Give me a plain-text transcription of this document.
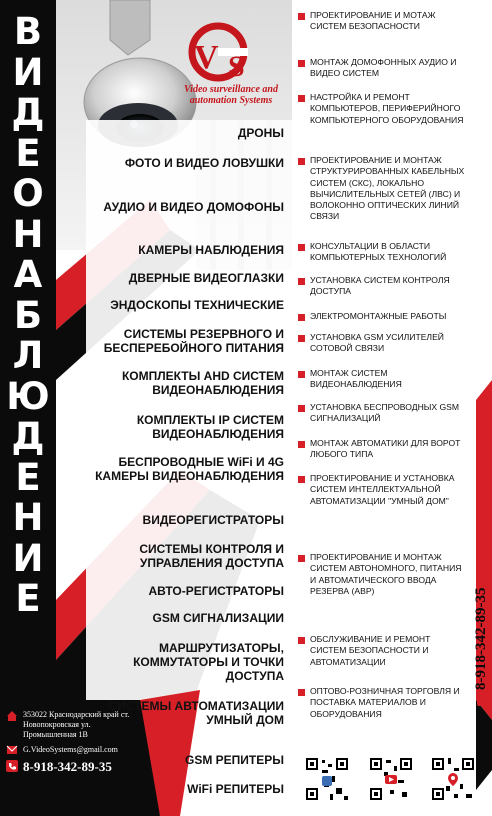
В
И
Д
Е
О
Н
А
Б
Л
Ю
Д
Е
Н
И
Е
V S
Video surveillance and automation Systems
ДРОНЫ
ФОТО И ВИДЕО ЛОВУШКИ
АУДИО И ВИДЕО ДОМОФОНЫ
КАМЕРЫ НАБЛЮДЕНИЯ
ДВЕРНЫЕ ВИДЕОГЛАЗКИ
ЭНДОСКОПЫ ТЕХНИЧЕСКИЕ
СИСТЕМЫ РЕЗЕРВНОГО И БЕСПЕРЕБОЙНОГО ПИТАНИЯ
КОМПЛЕКТЫ AHD СИСТЕМ ВИДЕОНАБЛЮДЕНИЯ
КОМПЛЕКТЫ IP СИСТЕМ ВИДЕОНАБЛЮДЕНИЯ
БЕСПРОВОДНЫЕ WiFi И 4G КАМЕРЫ ВИДЕОНАБЛЮДЕНИЯ
ВИДЕОРЕГИСТРАТОРЫ
СИСТЕМЫ КОНТРОЛЯ И УПРАВЛЕНИЯ ДОСТУПА
АВТО-РЕГИСТРАТОРЫ
GSM СИГНАЛИЗАЦИИ
МАРШРУТИЗАТОРЫ, КОММУТАТОРЫ И ТОЧКИ ДОСТУПА
СИСТЕМЫ АВТОМАТИЗАЦИИ УМНЫЙ ДОМ
GSM РЕПИТЕРЫ
WiFi РЕПИТЕРЫ
353022 Краснодарский край ст. Новопокровская ул. Промышленная 1В
G.VideoSystems@gmail.com
8-918-342-89-35
ПРОЕКТИРОВАНИЕ И МОТАЖ СИСТЕМ БЕЗОПАСНОСТИ
МОНТАЖ ДОМОФОННЫХ АУДИО И ВИДЕО СИСТЕМ
НАСТРОЙКА И РЕМОНТ КОМПЬЮТЕРОВ, ПЕРИФЕРИЙНОГО КОМПЬЮТЕРНОГО ОБОРУДОВАНИЯ
ПРОЕКТИРОВАНИЕ И МОНТАЖ СТРУКТУРИРОВАННЫХ КАБЕЛЬНЫХ СИСТЕМ (СКС), ЛОКАЛЬНО ВЫЧИСЛИТЕЛЬНЫХ СЕТЕЙ (ЛВС) И ВОЛОКОННО ОПТИЧЕСКИХ ЛИНИЙ СВЯЗИ
КОНСУЛЬТАЦИИ В ОБЛАСТИ КОМПЬЮТЕРНЫХ ТЕХНОЛОГИЙ
УСТАНОВКА СИСТЕМ КОНТРОЛЯ ДОСТУПА
ЭЛЕКТРОМОНТАЖНЫЕ РАБОТЫ
УСТАНОВКА GSM УСИЛИТЕЛЕЙ СОТОВОЙ СВЯЗИ
МОНТАЖ СИСТЕМ ВИДЕОНАБЛЮДЕНИЯ
УСТАНОВКА БЕСПРОВОДНЫХ GSM СИГНАЛИЗАЦИЙ
МОНТАЖ АВТОМАТИКИ ДЛЯ ВОРОТ ЛЮБОГО ТИПА
ПРОЕКТИРОВАНИЕ И УСТАНОВКА СИСТЕМ ИНТЕЛЛЕКТУАЛЬНОЙ АВТОМАТИЗАЦИИ "УМНЫЙ ДОМ"
ПРОЕКТИРОВАНИЕ И МОНТАЖ СИСТЕМ АВТОНОМНОГО, ПИТАНИЯ И АВТОМАТИЧЕСКОГО ВВОДА РЕЗЕРВА (АВР)
ОБСЛУЖИВАНИЕ И РЕМОНТ СИСТЕМ БЕЗОПАСНОСТИ И АВТОМАТИЗАЦИИ
ОПТОВО-РОЗНИЧНАЯ ТОРГОВЛЯ И ПОСТАВКА МАТЕРИАЛОВ И ОБОРУДОВАНИЯ
8-918-342-89-35
